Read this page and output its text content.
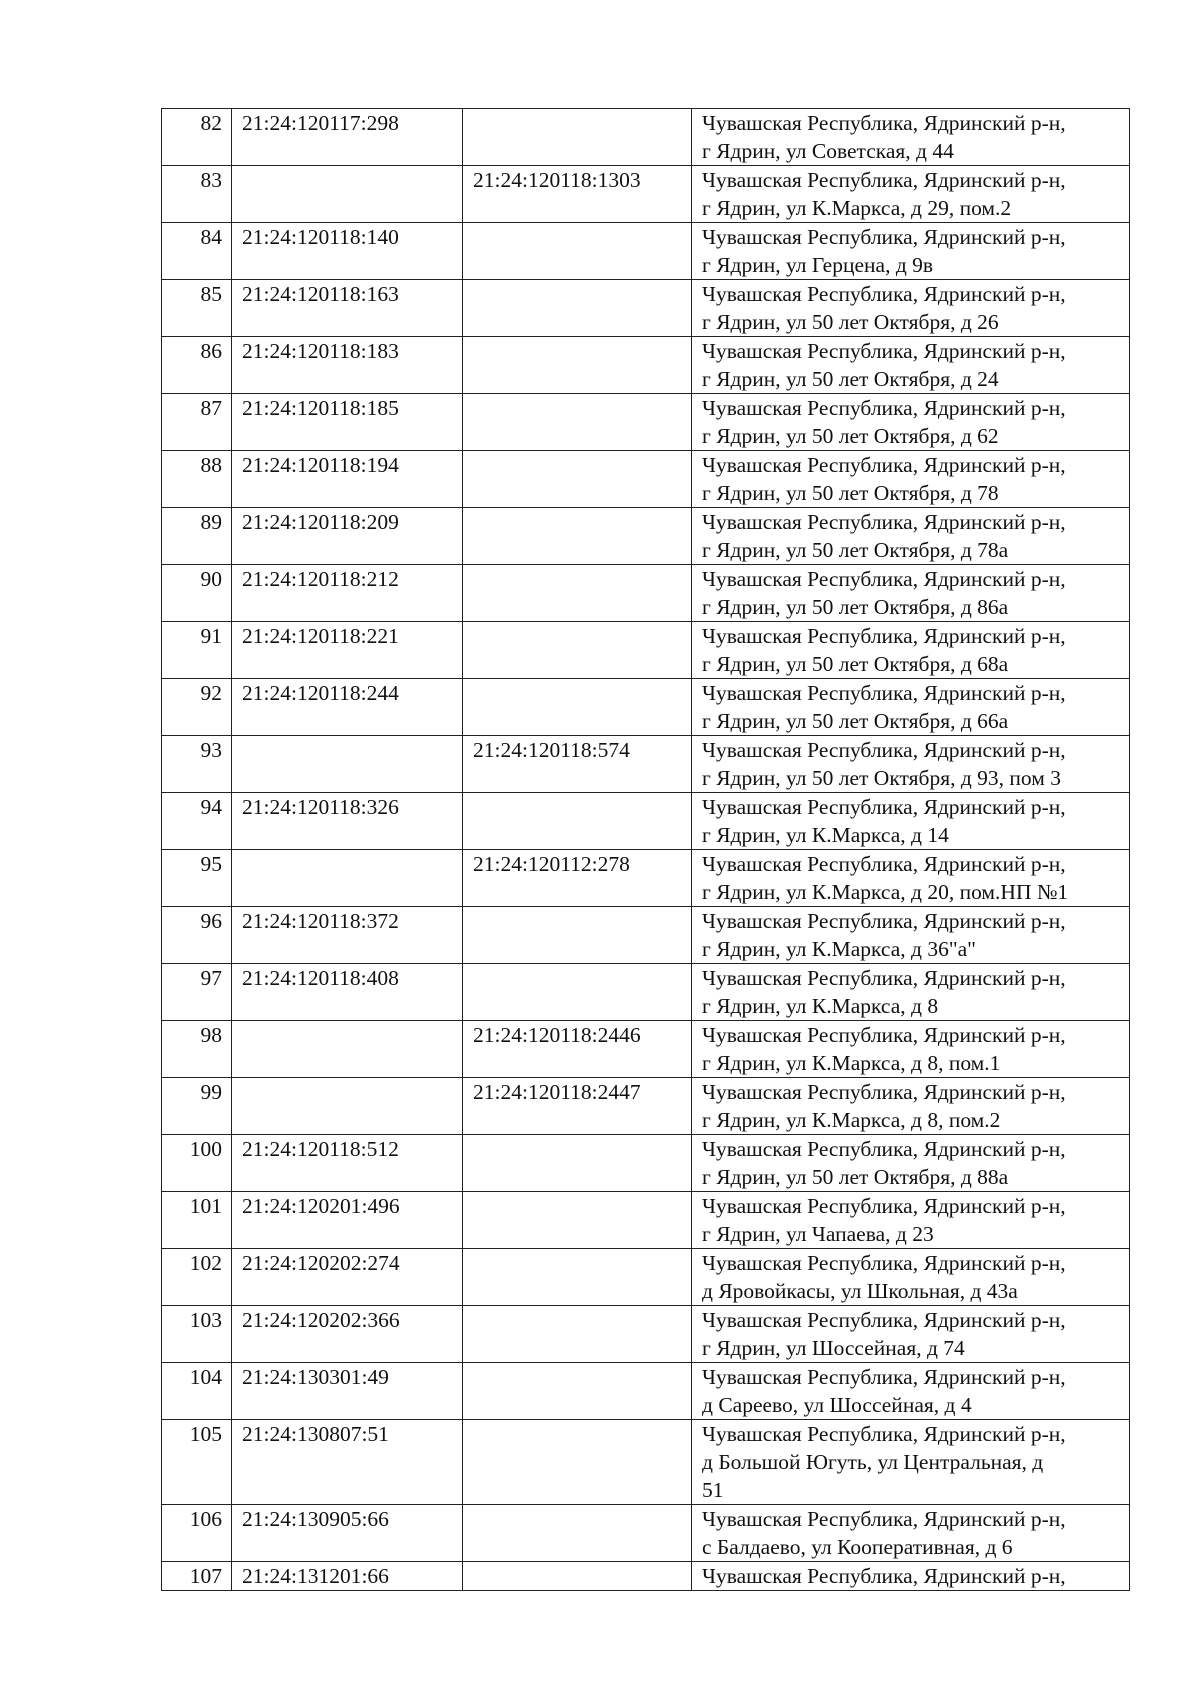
82	21:24:120117:298		Чувашская Республика, Ядринский р-н,
г Ядрин, ул Советская, д 44

83		21:24:120118:1303	Чувашская Республика, Ядринский р-н,
г Ядрин, ул К.Маркса, д 29, пом.2

84	21:24:120118:140		Чувашская Республика, Ядринский р-н,
г Ядрин, ул Герцена, д 9в

85	21:24:120118:163		Чувашская Республика, Ядринский р-н,
г Ядрин, ул 50 лет Октября, д 26

86	21:24:120118:183		Чувашская Республика, Ядринский р-н,
г Ядрин, ул 50 лет Октября, д 24

87	21:24:120118:185		Чувашская Республика, Ядринский р-н,
г Ядрин, ул 50 лет Октября, д 62

88	21:24:120118:194		Чувашская Республика, Ядринский р-н,
г Ядрин, ул 50 лет Октября, д 78

89	21:24:120118:209		Чувашская Республика, Ядринский р-н,
г Ядрин, ул 50 лет Октября, д 78а

90	21:24:120118:212		Чувашская Республика, Ядринский р-н,
г Ядрин, ул 50 лет Октября, д 86а

91	21:24:120118:221		Чувашская Республика, Ядринский р-н,
г Ядрин, ул 50 лет Октября, д 68а

92	21:24:120118:244		Чувашская Республика, Ядринский р-н,
г Ядрин, ул 50 лет Октября, д 66а

93		21:24:120118:574	Чувашская Республика, Ядринский р-н,
г Ядрин, ул 50 лет Октября, д 93, пом 3

94	21:24:120118:326		Чувашская Республика, Ядринский р-н,
г Ядрин, ул К.Маркса, д 14

95		21:24:120112:278	Чувашская Республика, Ядринский р-н,
г Ядрин, ул К.Маркса, д 20, пом.НП №1

96	21:24:120118:372		Чувашская Республика, Ядринский р-н,
г Ядрин, ул К.Маркса, д 36"а"

97	21:24:120118:408		Чувашская Республика, Ядринский р-н,
г Ядрин, ул К.Маркса, д 8

98		21:24:120118:2446	Чувашская Республика, Ядринский р-н,
г Ядрин, ул К.Маркса, д 8, пом.1

99		21:24:120118:2447	Чувашская Республика, Ядринский р-н,
г Ядрин, ул К.Маркса, д 8, пом.2

100	21:24:120118:512		Чувашская Республика, Ядринский р-н,
г Ядрин, ул 50 лет Октября, д 88а

101	21:24:120201:496		Чувашская Республика, Ядринский р-н,
г Ядрин, ул Чапаева, д 23

102	21:24:120202:274		Чувашская Республика, Ядринский р-н,
д Яровойкасы, ул Школьная, д 43а

103	21:24:120202:366		Чувашская Республика, Ядринский р-н,
г Ядрин, ул Шоссейная, д 74

104	21:24:130301:49		Чувашская Республика, Ядринский р-н,
д Сареево, ул Шоссейная, д 4

105	21:24:130807:51		Чувашская Республика, Ядринский р-н,
д Большой Югуть, ул Центральная, д
51

106	21:24:130905:66		Чувашская Республика, Ядринский р-н,
с Балдаево, ул Кооперативная, д 6

107	21:24:131201:66		Чувашская Республика, Ядринский р-н,
